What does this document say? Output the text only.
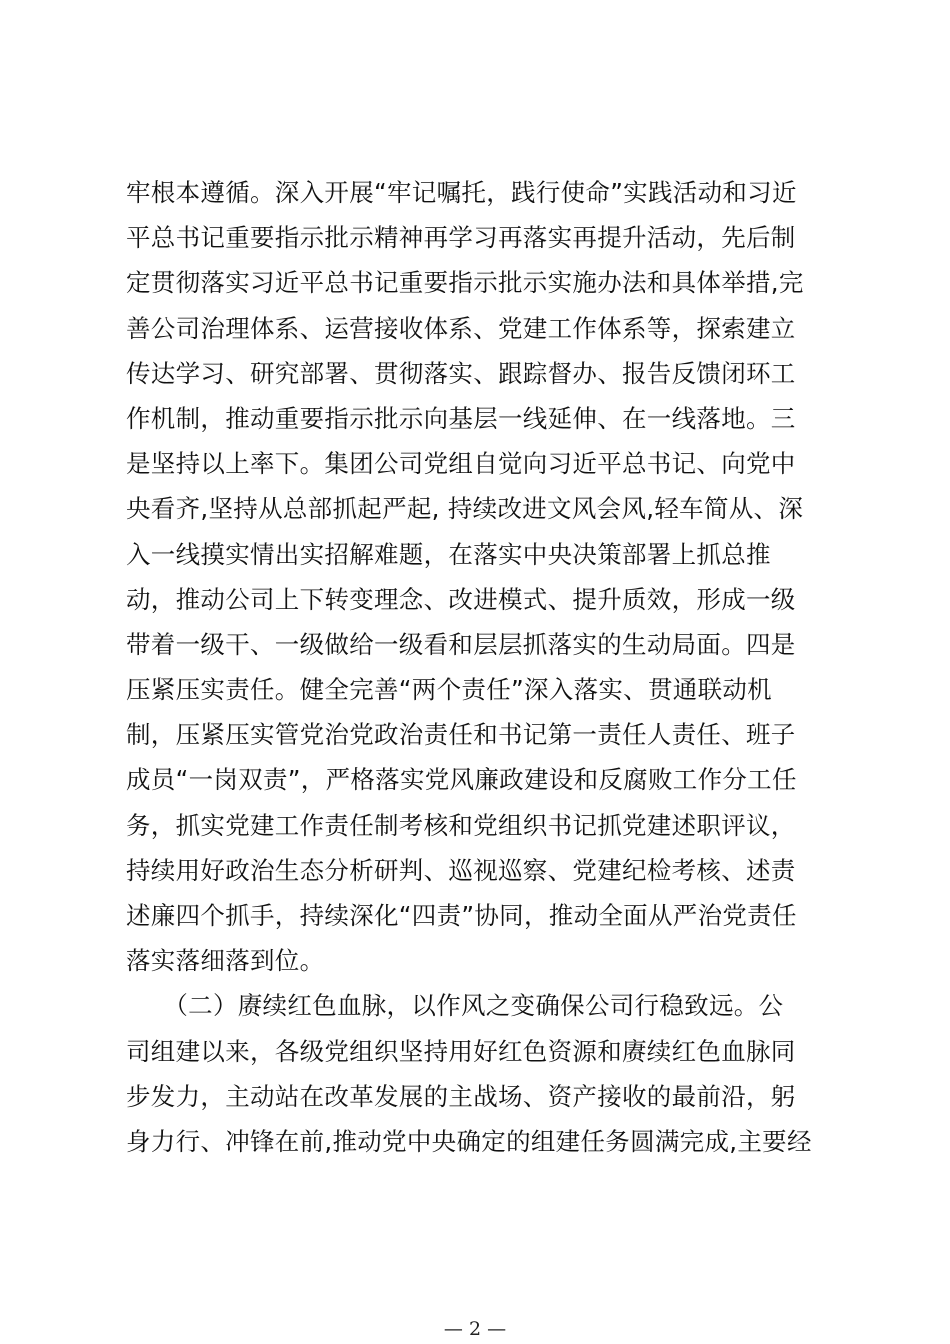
牢根本遵循。深入开展“牢记嘱托，践行使命”实践活动和习近
平总书记重要指示批示精神再学习再落实再提升活动，先后制
定贯彻落实习近平总书记重要指示批示实施办法和具体举措,完
善公司治理体系、运营接收体系、党建工作体系等，探索建立
传达学习、研究部署、贯彻落实、跟踪督办、报告反馈闭环工
作机制，推动重要指示批示向基层一线延伸、在一线落地。三
是坚持以上率下。集团公司党组自觉向习近平总书记、向党中
央看齐,坚持从总部抓起严起, 持续改进文风会风,轻车简从、深
入一线摸实情出实招解难题，在落实中央决策部署上抓总推
动，推动公司上下转变理念、改进模式、提升质效，形成一级
带着一级干、一级做给一级看和层层抓落实的生动局面。四是
压紧压实责任。健全完善“两个责任”深入落实、贯通联动机
制，压紧压实管党治党政治责任和书记第一责任人责任、班子
成员“一岗双责”，严格落实党风廉政建设和反腐败工作分工任
务，抓实党建工作责任制考核和党组织书记抓党建述职评议，
持续用好政治生态分析研判、巡视巡察、党建纪检考核、述责
述廉四个抓手，持续深化“四责”协同，推动全面从严治党责任
落实落细落到位。
　　（二）赓续红色血脉，以作风之变确保公司行稳致远。公
司组建以来，各级党组织坚持用好红色资源和赓续红色血脉同
步发力，主动站在改革发展的主战场、资产接收的最前沿，躬
身力行、冲锋在前,推动党中央确定的组建任务圆满完成,主要经
— 2 —
